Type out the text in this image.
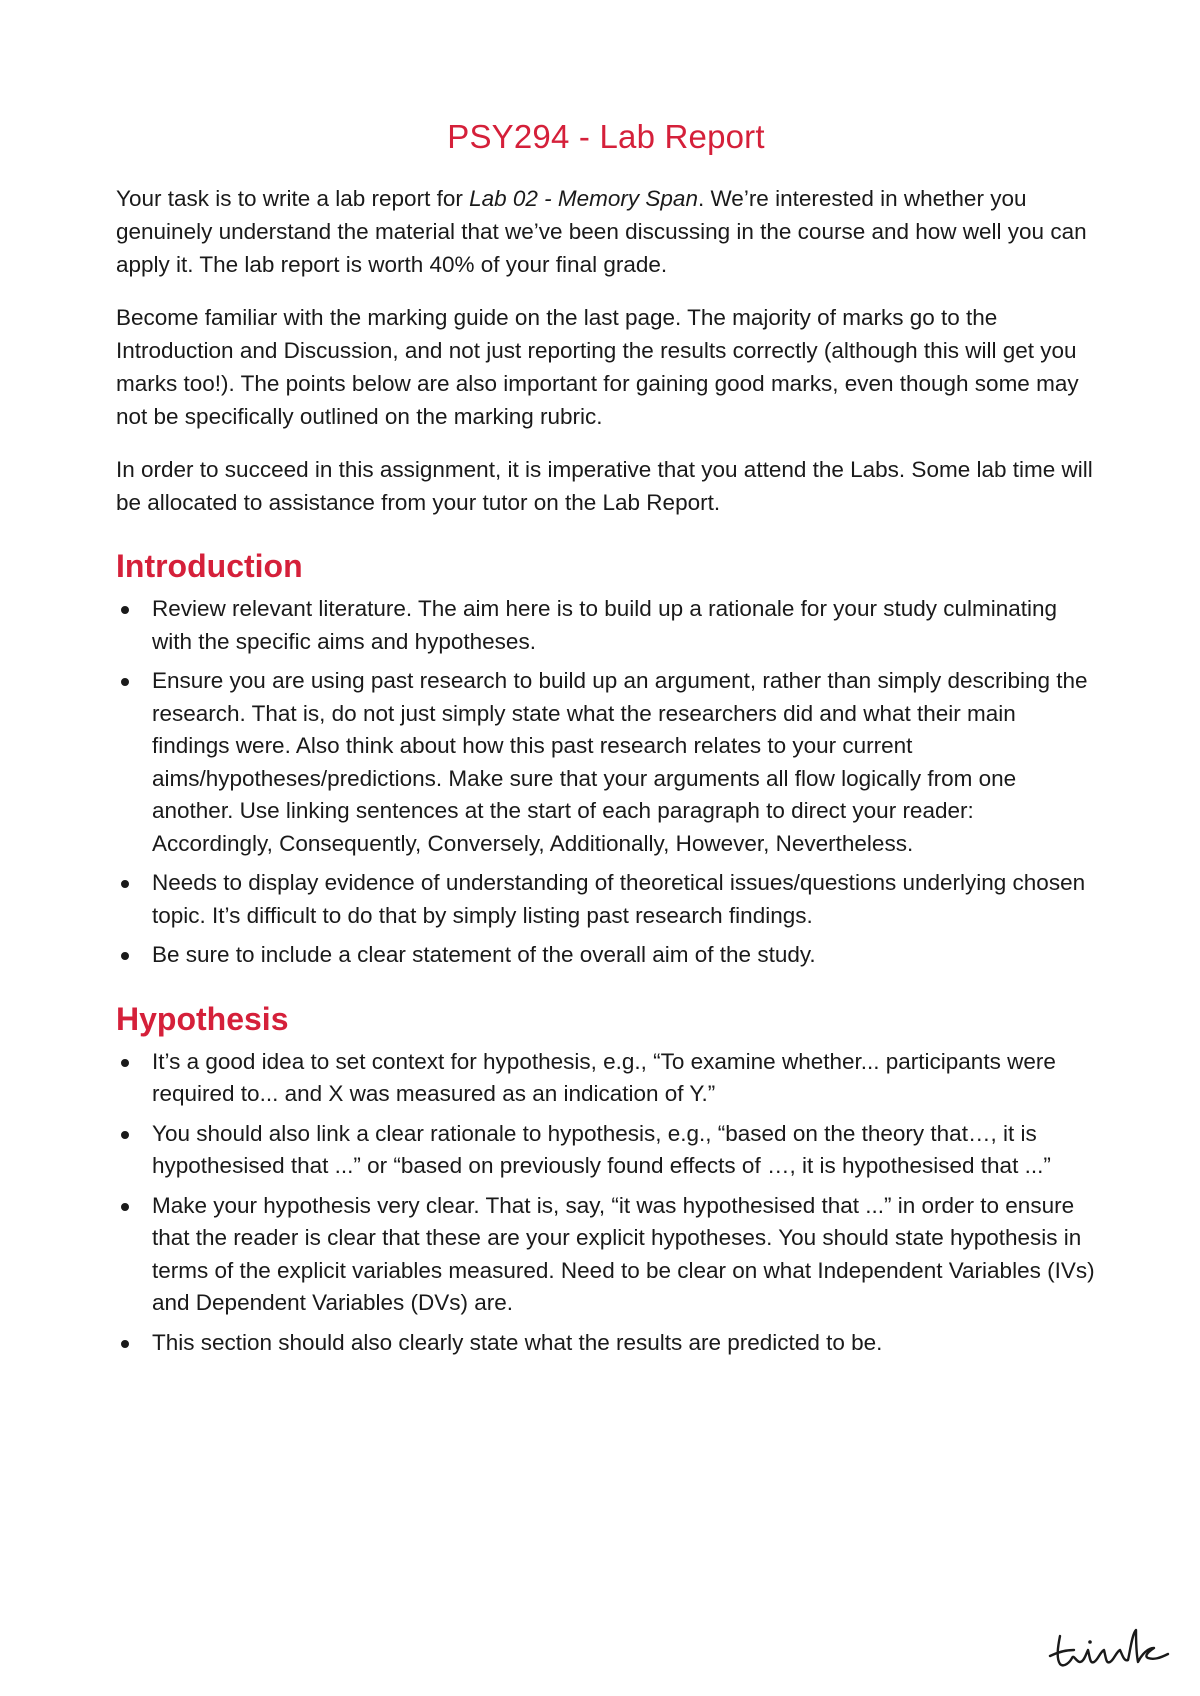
PSY294 - Lab Report

Your task is to write a lab report for Lab 02 - Memory Span. We’re interested in whether you genuinely understand the material that we’ve been discussing in the course and how well you can apply it. The lab report is worth 40% of your final grade.

Become familiar with the marking guide on the last page. The majority of marks go to the Introduction and Discussion, and not just reporting the results correctly (although this will get you marks too!). The points below are also important for gaining good marks, even though some may not be specifically outlined on the marking rubric.

In order to succeed in this assignment, it is imperative that you attend the Labs. Some lab time will be allocated to assistance from your tutor on the Lab Report.

Introduction
Review relevant literature. The aim here is to build up a rationale for your study culminating with the specific aims and hypotheses.
Ensure you are using past research to build up an argument, rather than simply describing the research. That is, do not just simply state what the researchers did and what their main findings were. Also think about how this past research relates to your current aims/hypotheses/predictions. Make sure that your arguments all flow logically from one another. Use linking sentences at the start of each paragraph to direct your reader: Accordingly, Consequently, Conversely, Additionally, However, Nevertheless.
Needs to display evidence of understanding of theoretical issues/questions underlying chosen topic. It’s difficult to do that by simply listing past research findings.
Be sure to include a clear statement of the overall aim of the study.
Hypothesis
It’s a good idea to set context for hypothesis, e.g., “To examine whether... participants were required to... and X was measured as an indication of Y.”
You should also link a clear rationale to hypothesis, e.g., “based on the theory that…, it is hypothesised that ...” or “based on previously found effects of …, it is hypothesised that ...”
Make your hypothesis very clear. That is, say, “it was hypothesised that ...” in order to ensure that the reader is clear that these are your explicit hypotheses. You should state hypothesis in terms of the explicit variables measured. Need to be clear on what Independent Variables (IVs) and Dependent Variables (DVs) are.
This section should also clearly state what the results are predicted to be.
